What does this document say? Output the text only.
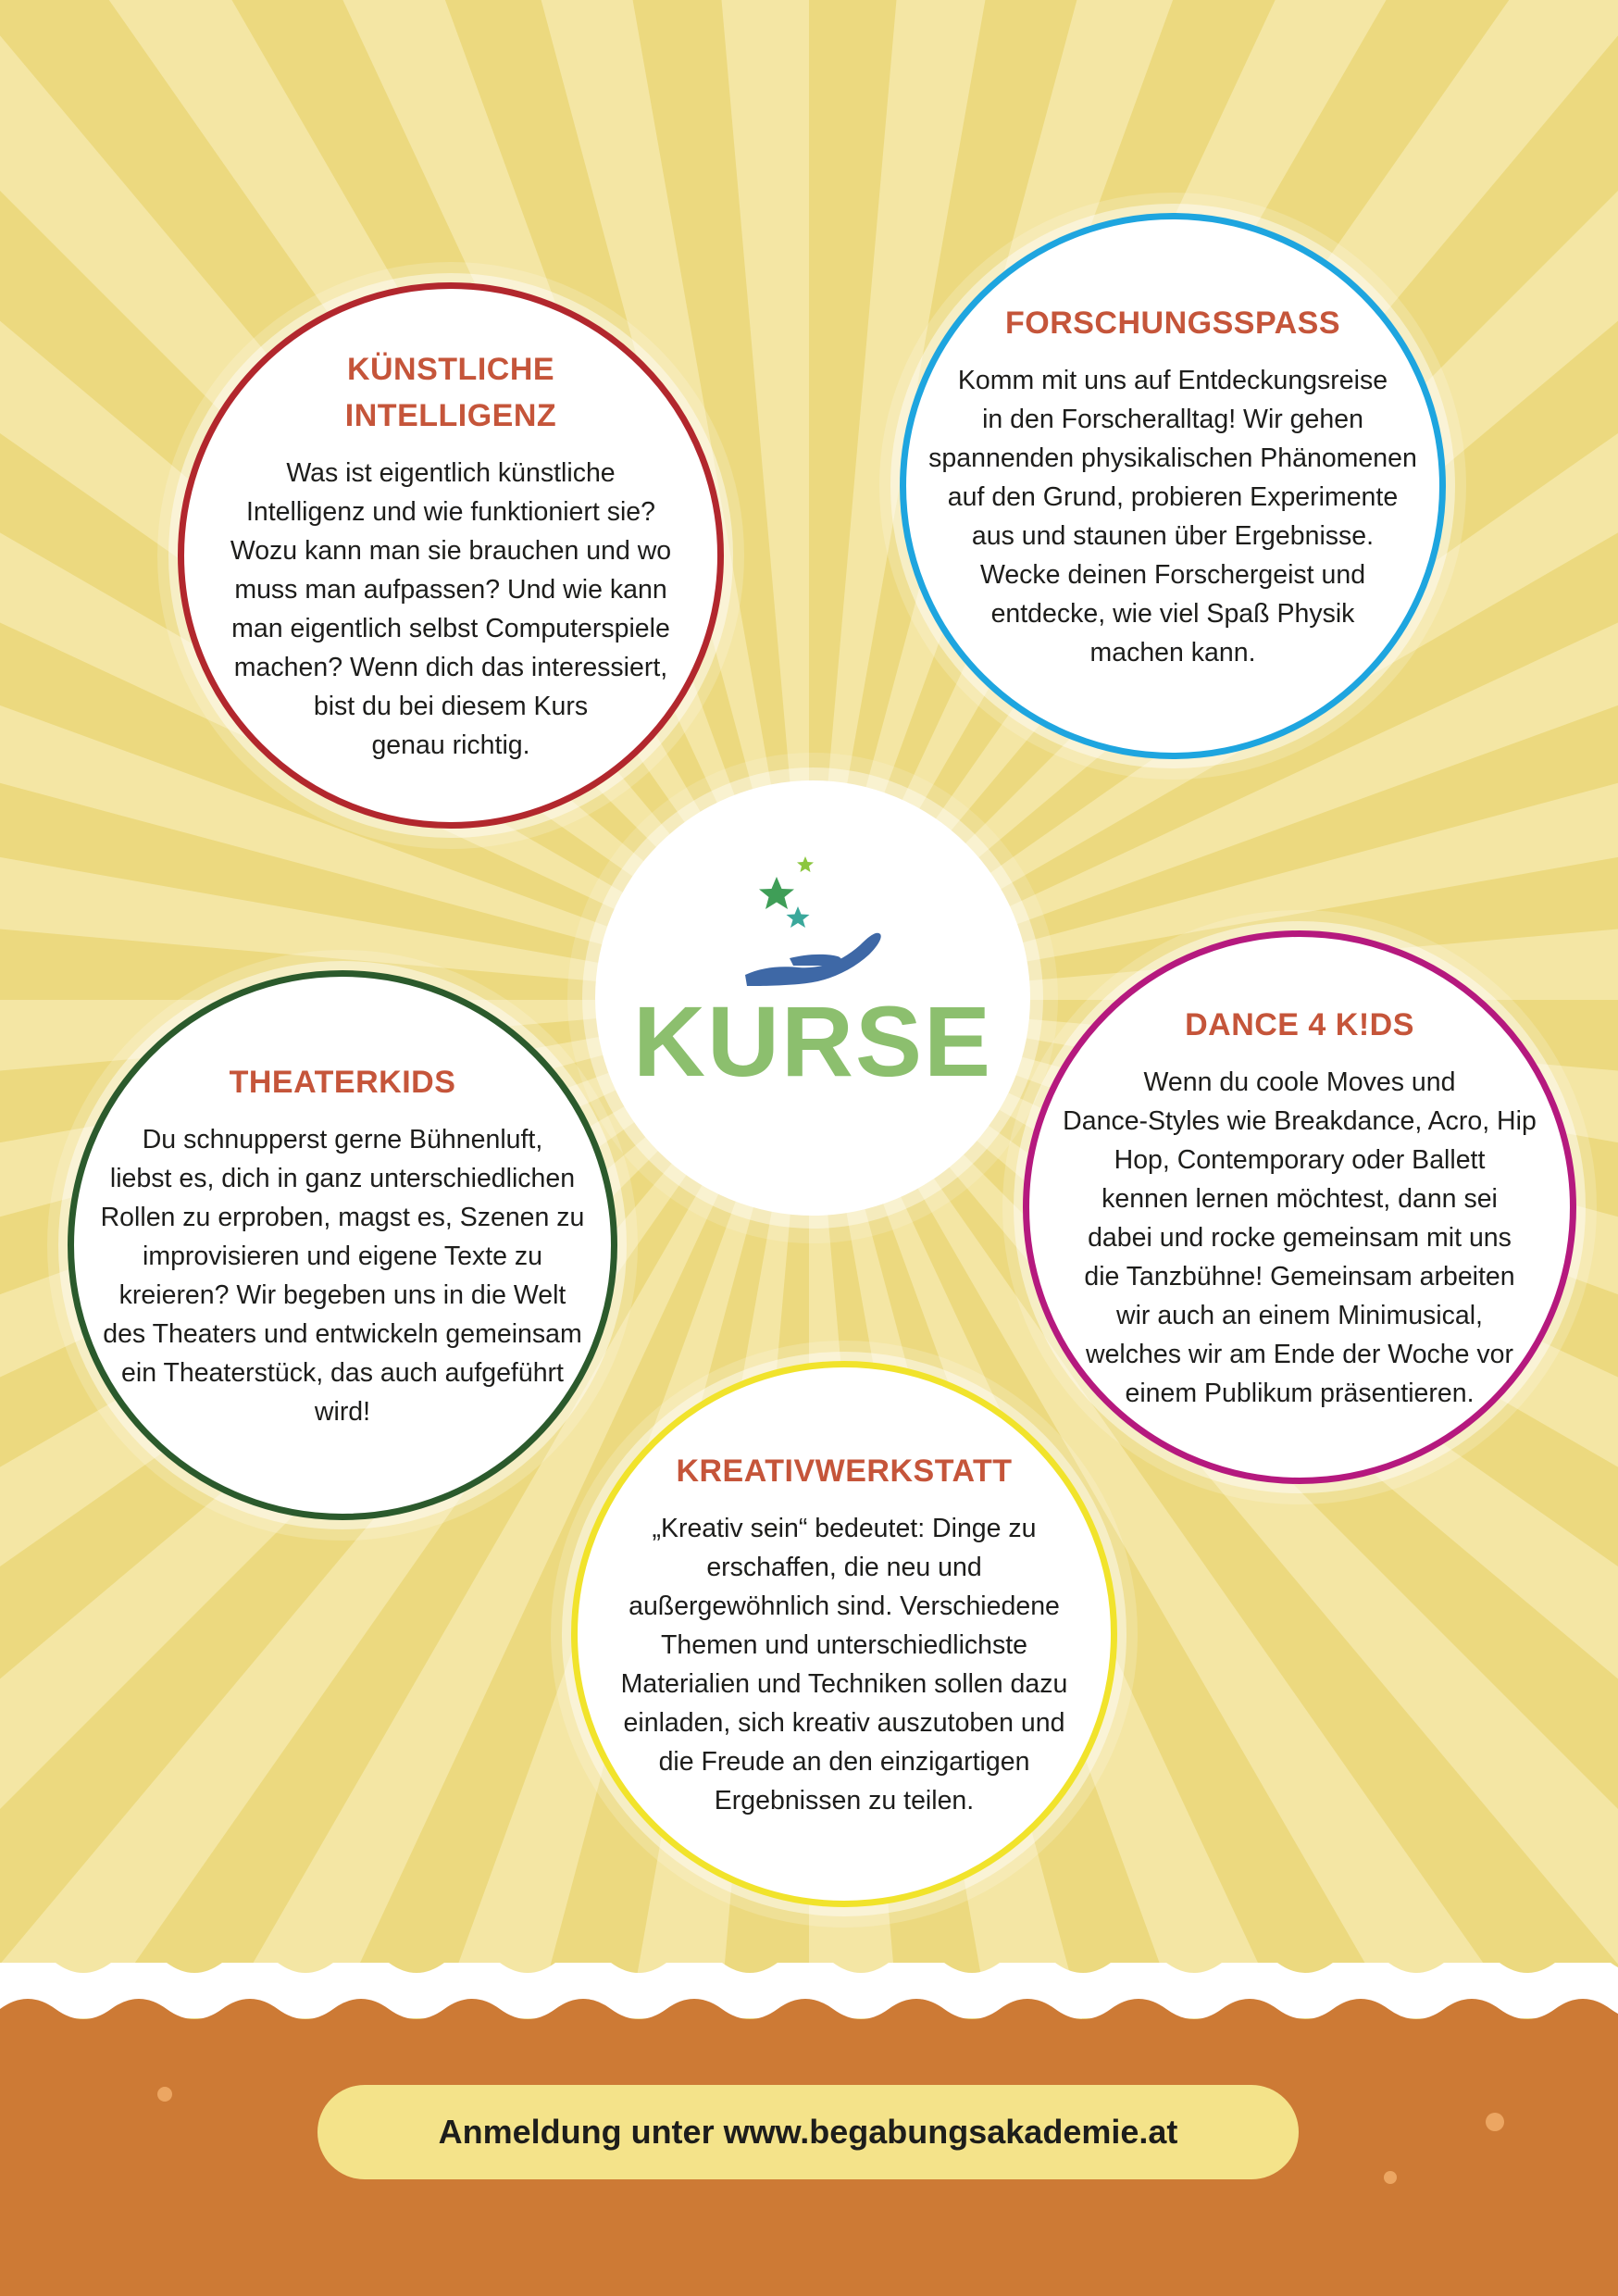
KÜNSTLICHE
INTELLIGENZ

Was ist eigentlich künstliche
Intelligenz und wie funktioniert sie?
Wozu kann man sie brauchen und wo
muss man aufpassen? Und wie kann
man eigentlich selbst Computerspiele
machen? Wenn dich das interessiert,
bist du bei diesem Kurs
genau richtig.

FORSCHUNGSSPASS

Komm mit uns auf Entdeckungsreise
in den Forscheralltag! Wir gehen
spannenden physikalischen Phänomenen
auf den Grund, probieren Experimente
aus und staunen über Ergebnisse.
Wecke deinen Forschergeist und
entdecke, wie viel Spaß Physik
machen kann.

THEATERKIDS

Du schnupperst gerne Bühnenluft,
liebst es, dich in ganz unterschiedlichen
Rollen zu erproben, magst es, Szenen zu
improvisieren und eigene Texte zu
kreieren? Wir begeben uns in die Welt
des Theaters und entwickeln gemeinsam
ein Theaterstück, das auch aufgeführt
wird!

DANCE 4 K!DS

Wenn du coole Moves und
Dance-Styles wie Breakdance, Acro, Hip
Hop, Contemporary oder Ballett
kennen lernen möchtest, dann sei
dabei und rocke gemeinsam mit uns
die Tanzbühne! Gemeinsam arbeiten
wir auch an einem Minimusical,
welches wir am Ende der Woche vor
einem Publikum präsentieren.

KREATIVWERKSTATT

„Kreativ sein“ bedeutet: Dinge zu
erschaffen, die neu und
außergewöhnlich sind. Verschiedene
Themen und unterschiedlichste
Materialien und Techniken sollen dazu
einladen, sich kreativ auszutoben und
die Freude an den einzigartigen
Ergebnissen zu teilen.

KURSE
Anmeldung unter www.begabungsakademie.at
